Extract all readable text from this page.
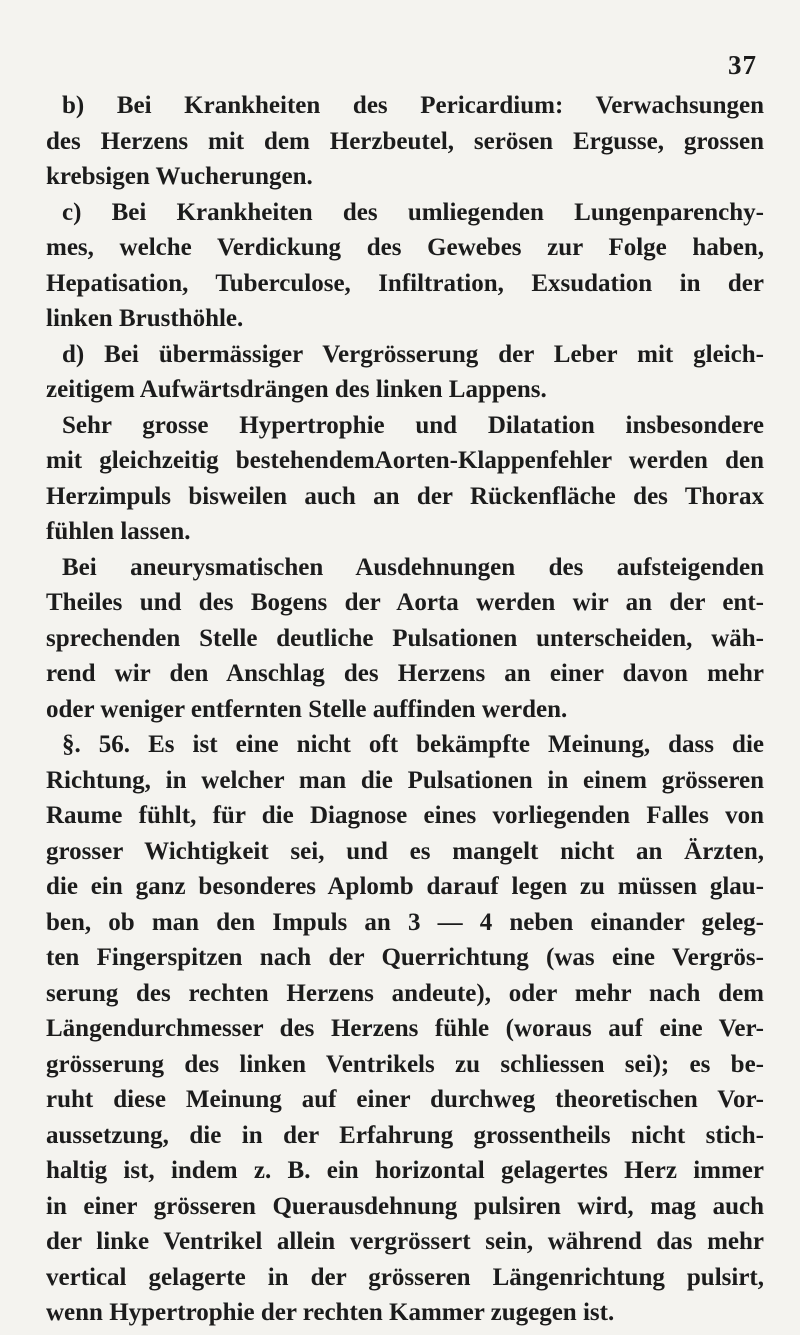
37
b) Bei Krankheiten des Pericardium: Verwachsungen
des Herzens mit dem Herzbeutel, serösen Ergusse, grossen
krebsigen Wucherungen.
c) Bei Krankheiten des umliegenden Lungenparenchy-
mes, welche Verdickung des Gewebes zur Folge haben,
Hepatisation, Tuberculose, Infiltration, Exsudation in der
linken Brusthöhle.
d) Bei übermässiger Vergrösserung der Leber mit gleich-
zeitigem Aufwärtsdrängen des linken Lappens.
Sehr grosse Hypertrophie und Dilatation insbesondere
mit gleichzeitig bestehendemAorten-Klappenfehler werden den
Herzimpuls bisweilen auch an der Rückenfläche des Thorax
fühlen lassen.
Bei aneurysmatischen Ausdehnungen des aufsteigenden
Theiles und des Bogens der Aorta werden wir an der ent-
sprechenden Stelle deutliche Pulsationen unterscheiden, wäh-
rend wir den Anschlag des Herzens an einer davon mehr
oder weniger entfernten Stelle auffinden werden.
§. 56. Es ist eine nicht oft bekämpfte Meinung, dass die
Richtung, in welcher man die Pulsationen in einem grösseren
Raume fühlt, für die Diagnose eines vorliegenden Falles von
grosser Wichtigkeit sei, und es mangelt nicht an Ärzten,
die ein ganz besonderes Aplomb darauf legen zu müssen glau-
ben, ob man den Impuls an 3 — 4 neben einander geleg-
ten Fingerspitzen nach der Querrichtung (was eine Vergrös-
serung des rechten Herzens andeute), oder mehr nach dem
Längendurchmesser des Herzens fühle (woraus auf eine Ver-
grösserung des linken Ventrikels zu schliessen sei); es be-
ruht diese Meinung auf einer durchweg theoretischen Vor-
aussetzung, die in der Erfahrung grossentheils nicht stich-
haltig ist, indem z. B. ein horizontal gelagertes Herz immer
in einer grösseren Querausdehnung pulsiren wird, mag auch
der linke Ventrikel allein vergrössert sein, während das mehr
vertical gelagerte in der grösseren Längenrichtung pulsirt,
wenn Hypertrophie der rechten Kammer zugegen ist.
